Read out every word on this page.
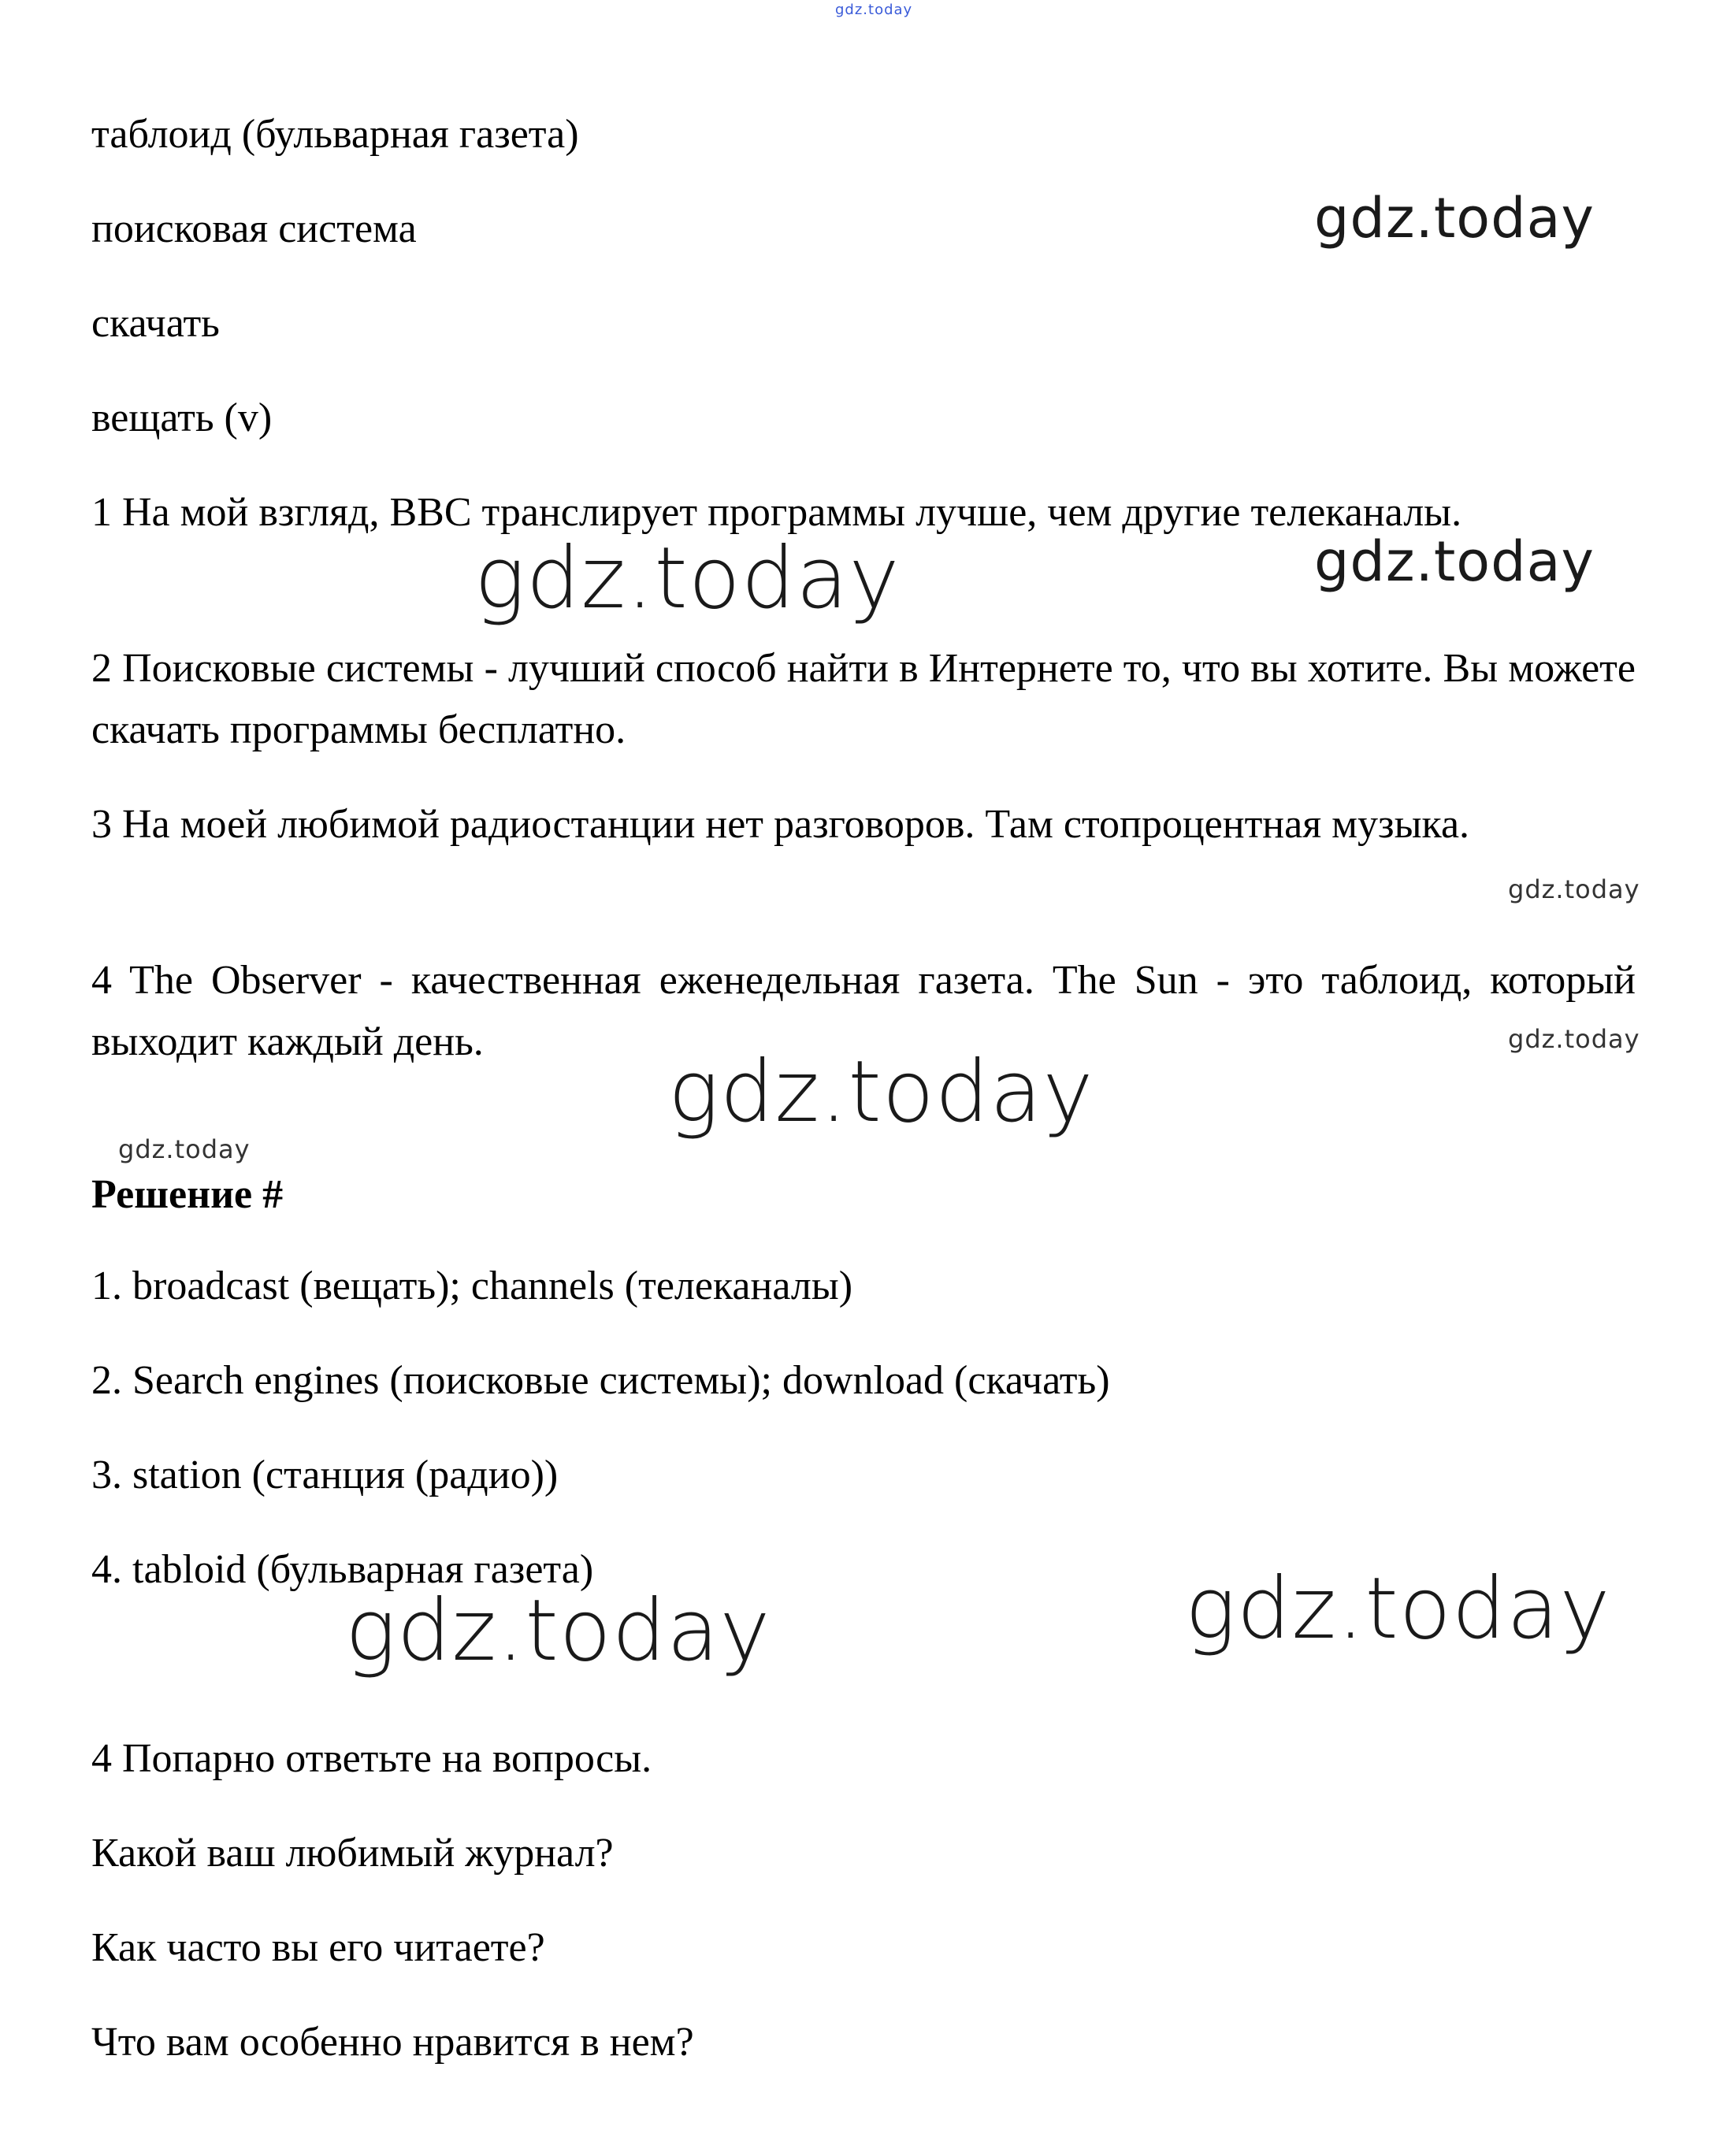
gdz.today
таблоид (бульварная газета)
поисковая система
скачать
вещать (v)
1 На мой взгляд, BBC транслирует программы лучше, чем другие телеканалы.
2 Поисковые системы - лучший способ найти в Интернете то, что вы хотите. Вы можете скачать программы бесплатно.
3 На моей любимой радиостанции нет разговоров. Там стопроцентная музыка.
4 The Observer - качественная еженедельная газета. The Sun - это таблоид, который выходит каждый день.
Решение #
1. broadcast (вещать); channels (телеканалы)
2. Search engines (поисковые системы); download (скачать)
3. station (станция (радио))
4. tabloid (бульварная газета)
4 Попарно ответьте на вопросы.
Какой ваш любимый журнал?
Как часто вы его читаете?
Что вам особенно нравится в нем?
gdz.today
gdz.today	gdz.today
gdz.today
gdz.today
gdz.today
gdz.today
gdz.today	gdz.today
